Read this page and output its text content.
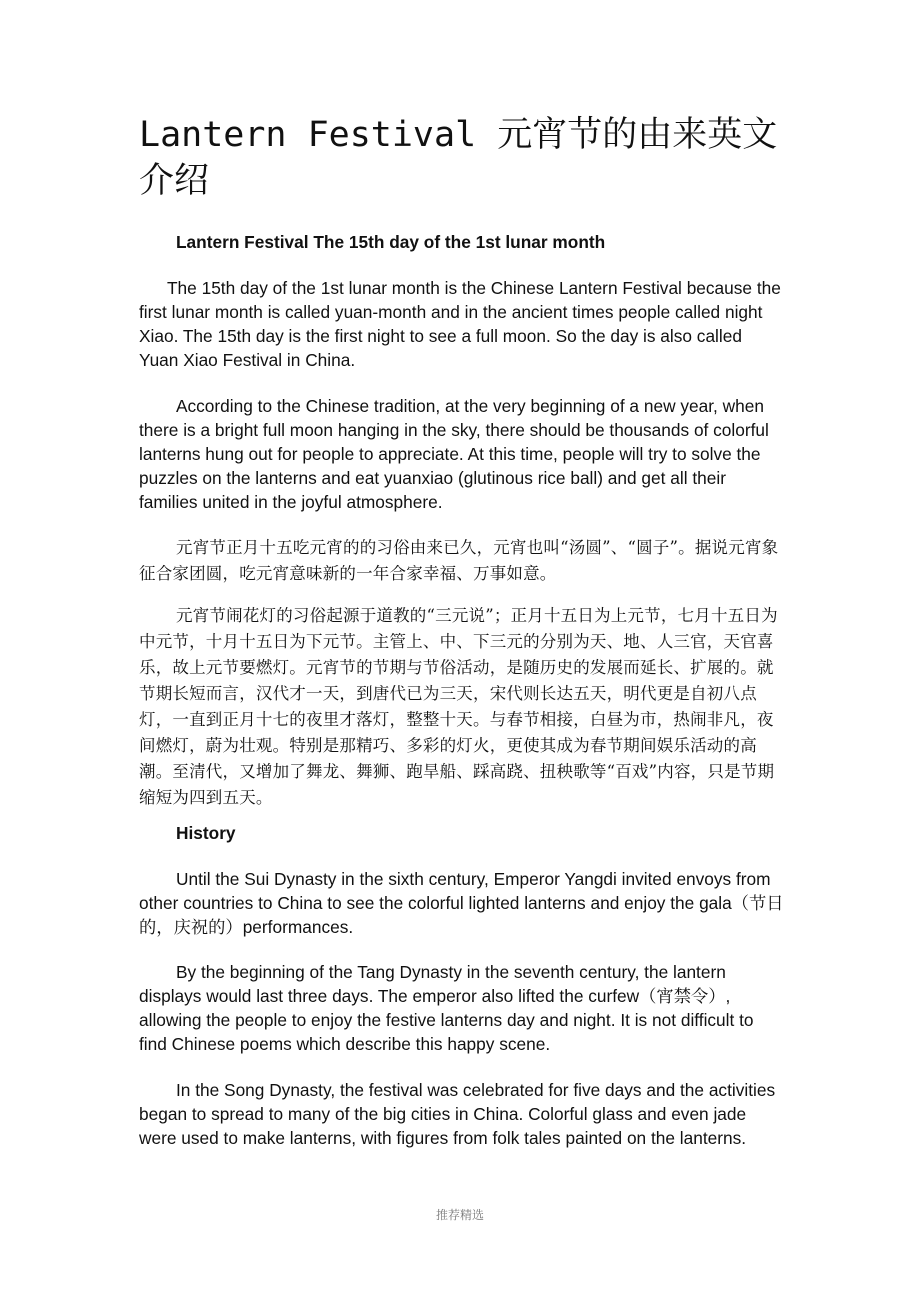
Lantern Festival 元宵节的由来英文介绍

Lantern Festival The 15th day of the 1st lunar month

The 15th day of the 1st lunar month is the Chinese Lantern Festival because the first lunar month is called yuan-month and in the ancient times people called night Xiao. The 15th day is the first night to see a full moon. So the day is also called Yuan Xiao Festival in China.

According to the Chinese tradition, at the very beginning of a new year, when there is a bright full moon hanging in the sky, there should be thousands of colorful lanterns hung out for people to appreciate. At this time, people will try to solve the puzzles on the lanterns and eat yuanxiao (glutinous rice ball) and get all their families united in the joyful atmosphere.

元宵节正月十五吃元宵的的习俗由来已久，元宵也叫“汤圆”、“圆子”。据说元宵象征合家团圆，吃元宵意味新的一年合家幸福、万事如意。

元宵节闹花灯的习俗起源于道教的“三元说”；正月十五日为上元节，七月十五日为中元节，十月十五日为下元节。主管上、中、下三元的分别为天、地、人三官，天官喜乐，故上元节要燃灯。元宵节的节期与节俗活动，是随历史的发展而延长、扩展的。就节期长短而言，汉代才一天，到唐代已为三天，宋代则长达五天，明代更是自初八点灯，一直到正月十七的夜里才落灯，整整十天。与春节相接，白昼为市，热闹非凡，夜间燃灯，蔚为壮观。特别是那精巧、多彩的灯火，更使其成为春节期间娱乐活动的高潮。至清代，又增加了舞龙、舞狮、跑旱船、踩高跷、扭秧歌等“百戏”内容，只是节期缩短为四到五天。

History

Until the Sui Dynasty in the sixth century, Emperor Yangdi invited envoys from other countries to China to see the colorful lighted lanterns and enjoy the gala（节日的，庆祝的）performances.

By the beginning of the Tang Dynasty in the seventh century, the lantern displays would last three days. The emperor also lifted the curfew（宵禁令）, allowing the people to enjoy the festive lanterns day and night. It is not difficult to find Chinese poems which describe this happy scene.

In the Song Dynasty, the festival was celebrated for five days and the activities began to spread to many of the big cities in China. Colorful glass and even jade were used to make lanterns, with figures from folk tales painted on the lanterns.

推荐精选
